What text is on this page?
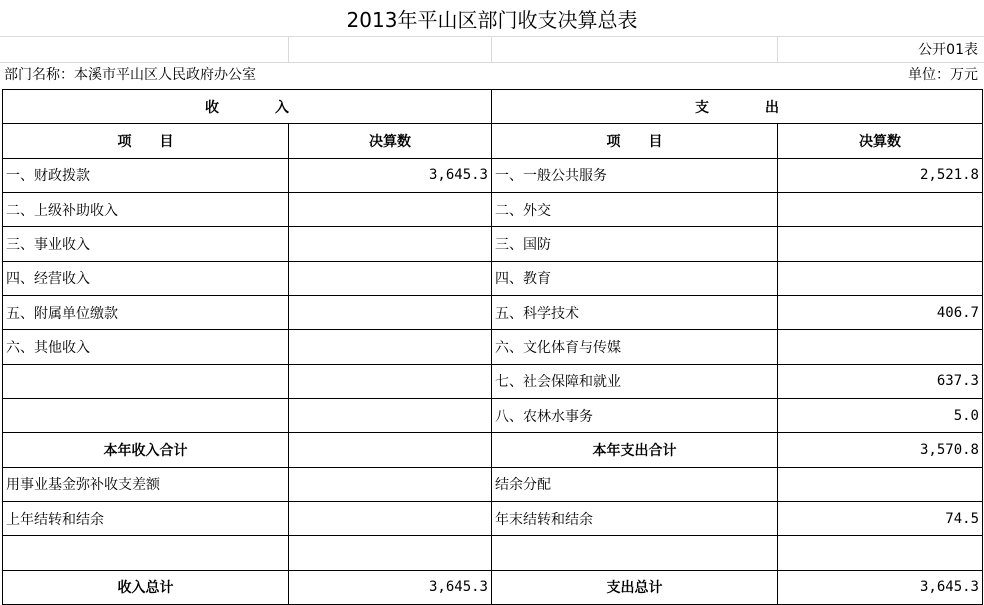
2013年平山区部门收支决算总表
公开01表
部门名称：本溪市平山区人民政府办公室	单位：万元
收　　　　入		支　　　　出	
项　　目	决算数	项　　目	决算数
一、财政拨款	3,645.3	一、一般公共服务	2,521.8
二、上级补助收入		二、外交	
三、事业收入		三、国防	
四、经营收入		四、教育	
五、附属单位缴款		五、科学技术	406.7
六、其他收入		六、文化体育与传媒	
		七、社会保障和就业	637.3
		八、农林水事务	5.0
本年收入合计		本年支出合计	3,570.8
用事业基金弥补收支差额		结余分配	
上年结转和结余		年末结转和结余	74.5

收入总计	3,645.3	支出总计	3,645.3
